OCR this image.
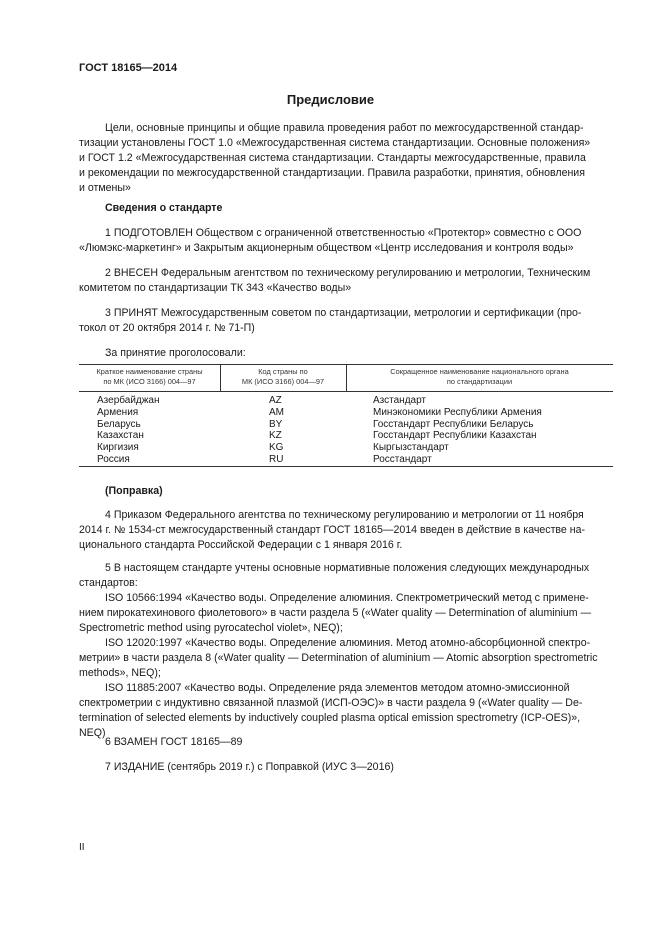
ГОСТ 18165—2014
Предисловие
Цели, основные принципы и общие правила проведения работ по межгосударственной стандар-
тизации установлены ГОСТ 1.0 «Межгосударственная система стандартизации. Основные положения»
и ГОСТ 1.2 «Межгосударственная система стандартизации. Стандарты межгосударственные, правила
и рекомендации по межгосударственной стандартизации. Правила разработки, принятия, обновления
и отмены»
Сведения о стандарте
1 ПОДГОТОВЛЕН Обществом с ограниченной ответственностью «Протектор» совместно с ООО
«Люмэкс-маркетинг» и Закрытым акционерным обществом «Центр исследования и контроля воды»
2 ВНЕСЕН Федеральным агентством по техническому регулированию и метрологии, Техническим
комитетом по стандартизации ТК 343 «Качество воды»
3 ПРИНЯТ Межгосударственным советом по стандартизации, метрологии и сертификации (про-
токол от 20 октября 2014 г. № 71-П)
За принятие проголосовали:
Краткое наименование страны
по МК (ИСО 3166) 004—97
Код страны по
МК (ИСО 3166) 004—97
Сокращенное наименование национального органа
по стандартизации
Азербайджан
Армения
Беларусь
Казахстан
Киргизия
Россия
AZ
AM
BY
KZ
KG
RU
Азстандарт
Минэкономики Республики Армения
Госстандарт Республики Беларусь
Госстандарт Республики Казахстан
Кыргызстандарт
Росстандарт
(Поправка)
4 Приказом Федерального агентства по техническому регулированию и метрологии от 11 ноября
2014 г. № 1534-ст межгосударственный стандарт ГОСТ 18165—2014 введен в действие в качестве на-
ционального стандарта Российской Федерации с 1 января 2016 г.
5 В настоящем стандарте учтены основные нормативные положения следующих международных
стандартов:
ISO 10566:1994 «Качество воды. Определение алюминия. Спектрометрический метод с примене-
нием пирокатехинового фиолетового» в части раздела 5 («Water quality — Determination of aluminium —
Spectrometric method using pyrocatechol violet», NEQ);
ISO 12020:1997 «Качество воды. Определение алюминия. Метод атомно-абсорбционной спектро-
метрии» в части раздела 8 («Water quality — Determination of aluminium — Atomic absorption spectrometric
methods», NEQ);
ISO 11885:2007 «Качество воды. Определение ряда элементов методом атомно-эмиссионной
спектрометрии с индуктивно связанной плазмой (ИСП-ОЭС)» в части раздела 9 («Water quality — De-
termination of selected elements by inductively coupled plasma optical emission spectrometry (ICP-OES)»,
NEQ)
6 ВЗАМЕН ГОСТ 18165—89
7 ИЗДАНИЕ (сентябрь 2019 г.) с Поправкой (ИУС 3—2016)
II
